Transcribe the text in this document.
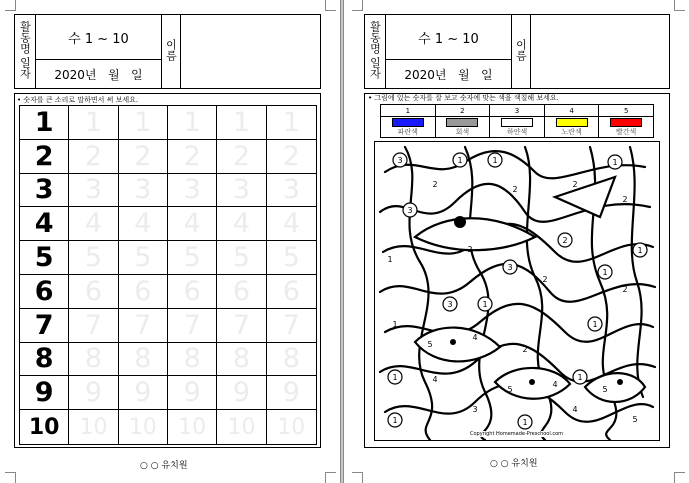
활동명
일자
	수 1 ~ 10	이름	
2020년   월   일
• 숫자를 큰 소리로 말하면서 써 보세요.
1	1	1	1	1	1
2	2	2	2	2	2
3	3	3	3	3	3
4	4	4	4	4	4
5	5	5	5	5	5
6	6	6	6	6	6
7	7	7	7	7	7
8	8	8	8	8	8
9	9	9	9	9	9
10 10 10 10 10 10
○ ○ 유치원
활동명
일자
	수 1 ~ 10	이름	
2020년   월   일
• 그림에 있는 숫자를 잘 보고 숫자에 맞는 색을 색칠해 보세요.
1	2	3	4	5

파란색	회색	하얀색	노란색	빨간색
3	1	1	1
3
2
1
3
1
3	1
1
1	1
1	1
2
2
2
2
1
2
2
2
1
5
4
2
4
5
4
5
3	4
5
Copyright Homemade-Preschool.com
○ ○ 유치원
